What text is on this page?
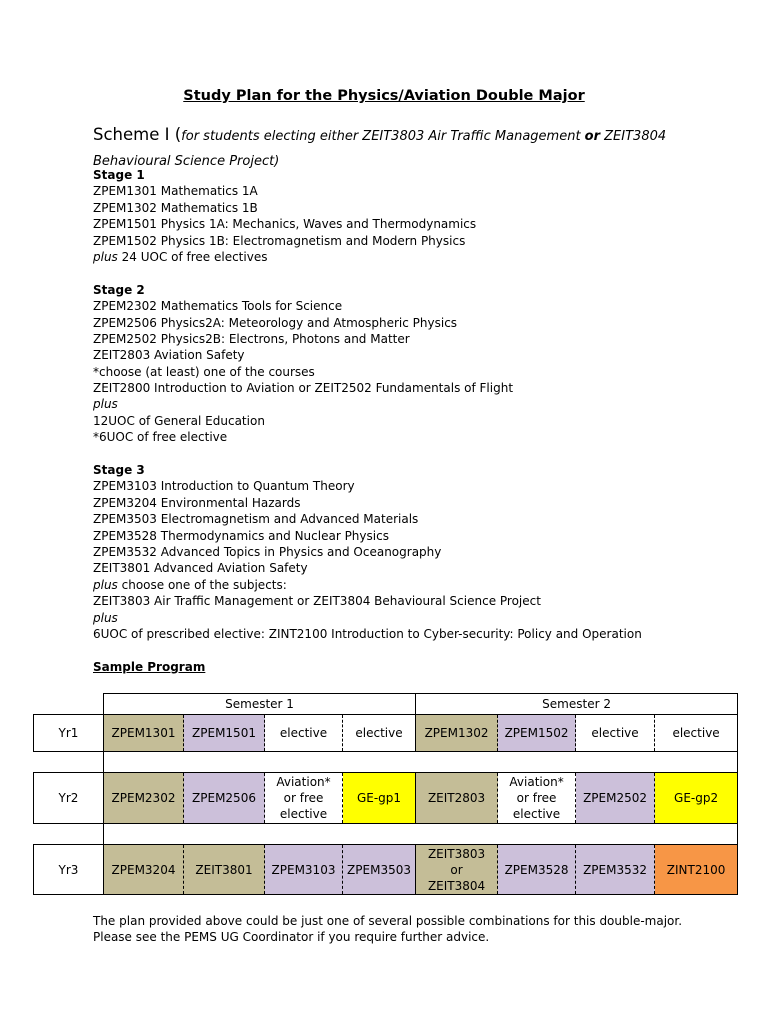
Study Plan for the Physics/Aviation Double Major
Scheme I (for students electing either ZEIT3803 Air Traffic Management or ZEIT3804
Behavioural Science Project)
Stage 1
ZPEM1301 Mathematics 1A
ZPEM1302 Mathematics 1B
ZPEM1501 Physics 1A: Mechanics, Waves and Thermodynamics
ZPEM1502 Physics 1B: Electromagnetism and Modern Physics
plus 24 UOC of free electives
Stage 2
ZPEM2302 Mathematics Tools for Science
ZPEM2506 Physics2A: Meteorology and Atmospheric Physics
ZPEM2502 Physics2B: Electrons, Photons and Matter
ZEIT2803 Aviation Safety
*choose (at least) one of the courses
ZEIT2800 Introduction to Aviation or ZEIT2502 Fundamentals of Flight
plus
12UOC of General Education
*6UOC of free elective
Stage 3
ZPEM3103 Introduction to Quantum Theory
ZPEM3204 Environmental Hazards
ZPEM3503 Electromagnetism and Advanced Materials
ZPEM3528 Thermodynamics and Nuclear Physics
ZPEM3532 Advanced Topics in Physics and Oceanography
ZEIT3801 Advanced Aviation Safety
plus choose one of the subjects:
ZEIT3803 Air Traffic Management or ZEIT3804 Behavioural Science Project
plus
6UOC of prescribed elective: ZINT2100 Introduction to Cyber-security: Policy and Operation
Sample Program
	Semester 1				Semester 2			
Yr1	ZPEM1301	ZPEM1501	elective	elective	ZPEM1302	ZPEM1502	elective	elective

Yr2	ZPEM2302	ZPEM2506	Aviation*
or free
elective	GE-gp1	ZEIT2803	Aviation*
or free
elective	ZPEM2502	GE-gp2

Yr3	ZPEM3204	ZEIT3801	ZPEM3103	ZPEM3503	ZEIT3803
or
ZEIT3804	ZPEM3528	ZPEM3532	ZINT2100
The plan provided above could be just one of several possible combinations for this double-major.
Please see the PEMS UG Coordinator if you require further advice.
